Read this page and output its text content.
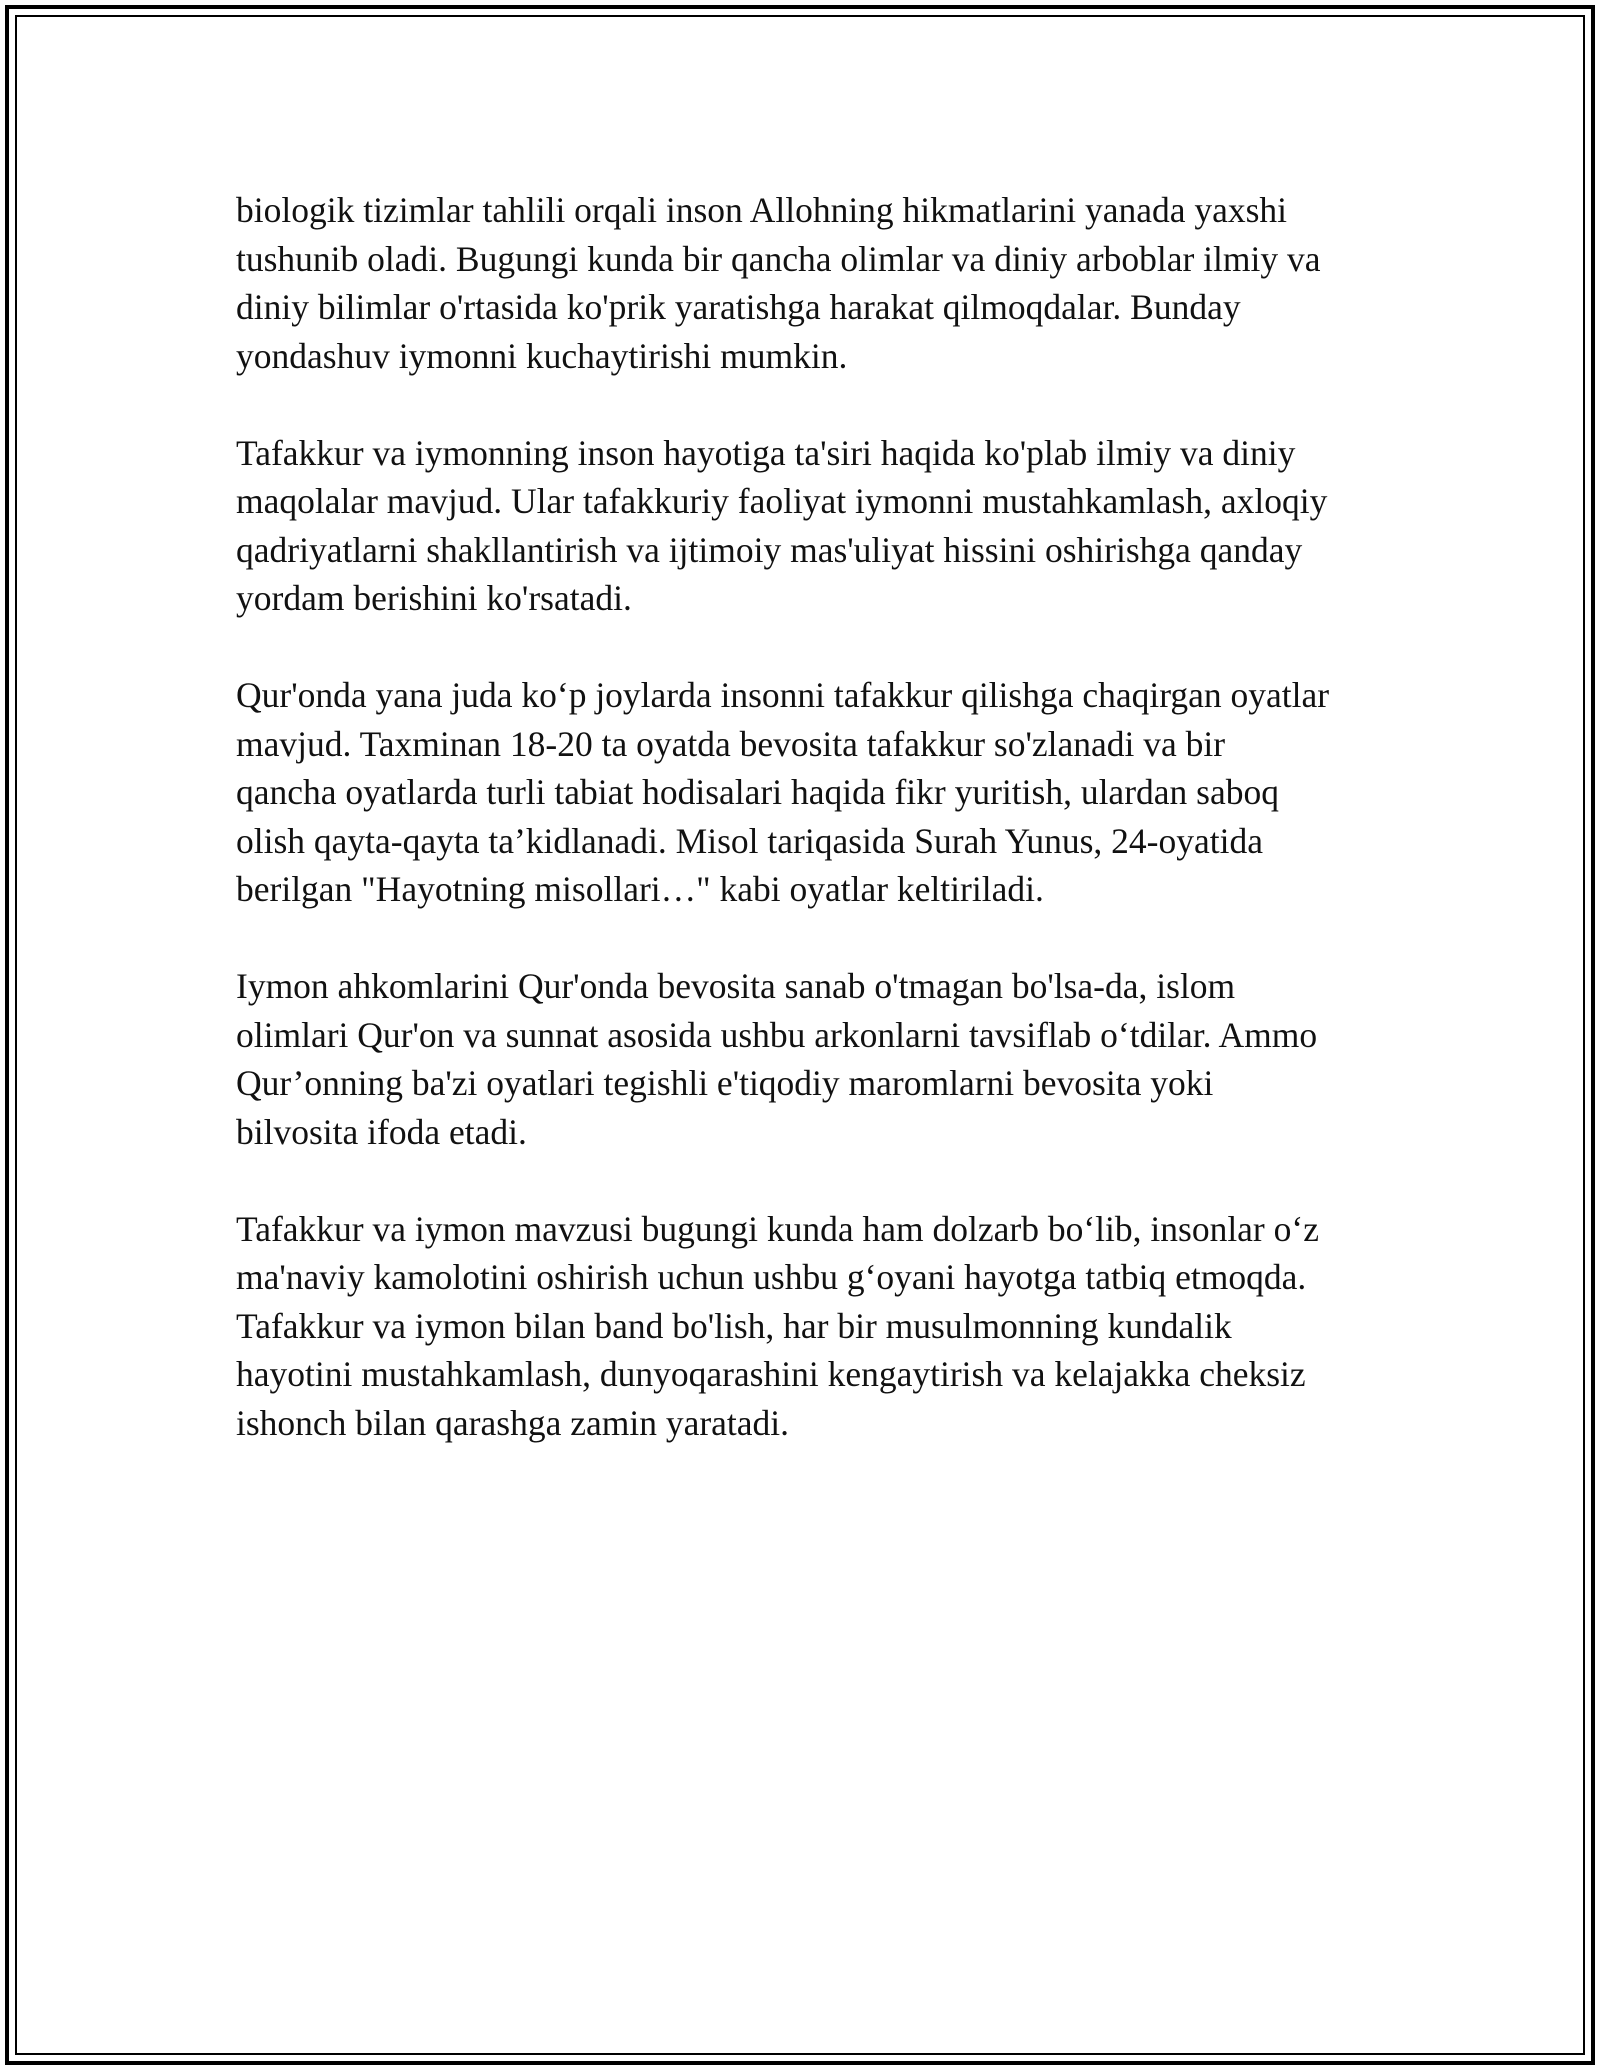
biologik tizimlar tahlili orqali inson Allohning hikmatlarini yanada yaxshi
tushunib oladi. Bugungi kunda bir qancha olimlar va diniy arboblar ilmiy va
diniy bilimlar o'rtasida ko'prik yaratishga harakat qilmoqdalar. Bunday
yondashuv iymonni kuchaytirishi mumkin.

Tafakkur va iymonning inson hayotiga ta'siri haqida ko'plab ilmiy va diniy
maqolalar mavjud. Ular tafakkuriy faoliyat iymonni mustahkamlash, axloqiy
qadriyatlarni shakllantirish va ijtimoiy mas'uliyat hissini oshirishga qanday
yordam berishini ko'rsatadi.

Qur'onda yana juda koʻp joylarda insonni tafakkur qilishga chaqirgan oyatlar
mavjud. Taxminan 18-20 ta oyatda bevosita tafakkur so'zlanadi va bir
qancha oyatlarda turli tabiat hodisalari haqida fikr yuritish, ulardan saboq
olish qayta-qayta ta’kidlanadi. Misol tariqasida Surah Yunus, 24-oyatida
berilgan "Hayotning misollari…" kabi oyatlar keltiriladi.

Iymon ahkomlarini Qur'onda bevosita sanab o'tmagan bo'lsa-da, islom
olimlari Qur'on va sunnat asosida ushbu arkonlarni tavsiflab oʻtdilar. Ammo
Qur’onning ba'zi oyatlari tegishli e'tiqodiy maromlarni bevosita yoki
bilvosita ifoda etadi.

Tafakkur va iymon mavzusi bugungi kunda ham dolzarb boʻlib, insonlar oʻz
ma'naviy kamolotini oshirish uchun ushbu gʻoyani hayotga tatbiq etmoqda.
Tafakkur va iymon bilan band bo'lish, har bir musulmonning kundalik
hayotini mustahkamlash, dunyoqarashini kengaytirish va kelajakka cheksiz
ishonch bilan qarashga zamin yaratadi.
